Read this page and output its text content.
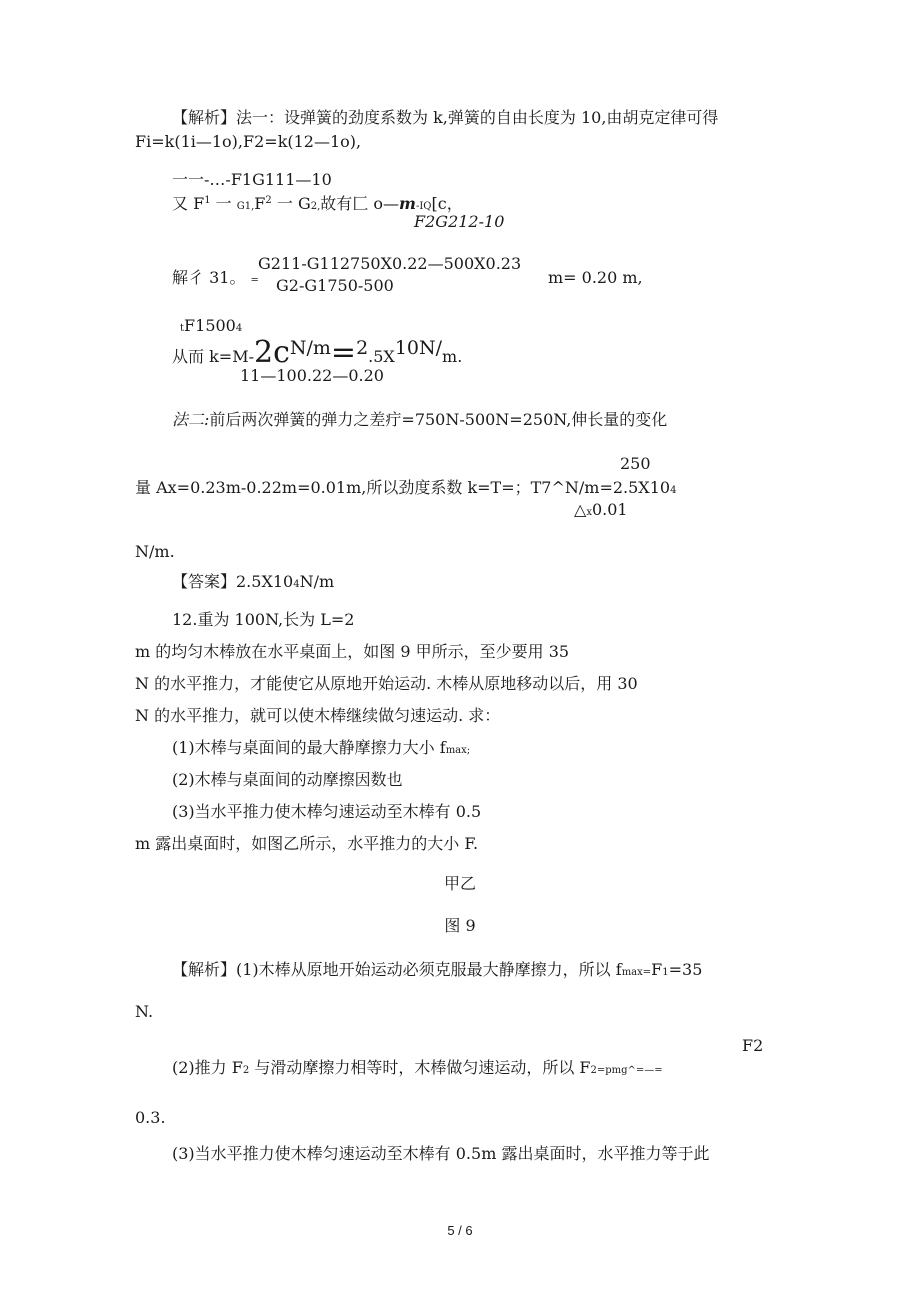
【解析】法一：设弹簧的劲度系数为 k,弹簧的自由长度为 10,由胡克定律可得
Fi=k(1i—1o),F2=k(12—1o),
一一-…-F1G111—10
又 $F^1$ 一 $G1,F^2$ 一 G2,故有匚 o—m-IQ[c，
F2G212-10
G211-G112750X0.22—500X0.23
解彳 31。 =	m= 0.20 m,
G2-G1750-500
tF15004
从而 k=M-2cN/m=2.5X10N/m.
11—100.22—0.20
法二:前后两次弹簧的弹力之差疔=750N-500N=250N,伸长量的变化
250
量 Ax=0.23m-0.22m=0.01m,所以劲度系数 k=T=；T7^N/m=2.5X104
△x0.01
N/m.
【答案】2.5X104N/m
12.重为 100N,长为 L=2
m 的均匀木棒放在水平桌面上，如图 9 甲所示，至少要用 35
N 的水平推力，才能使它从原地开始运动. 木棒从原地移动以后，用 30
N 的水平推力，就可以使木棒继续做匀速运动. 求：
(1)木棒与桌面间的最大静摩擦力大小 fmax;
(2)木棒与桌面间的动摩擦因数也
(3)当水平推力使木棒匀速运动至木棒有 0.5
m 露出桌面时，如图乙所示，水平推力的大小 F.
甲乙
图 9
【解析】(1)木棒从原地开始运动必须克服最大静摩擦力，所以 fmax=F1=35
N.
F2
(2)推力 F2 与滑动摩擦力相等时，木棒做匀速运动，所以 F2=pmg^=—=
0.3.
(3)当水平推力使木棒匀速运动至木棒有 0.5m 露出桌面时，水平推力等于此
5 / 6
